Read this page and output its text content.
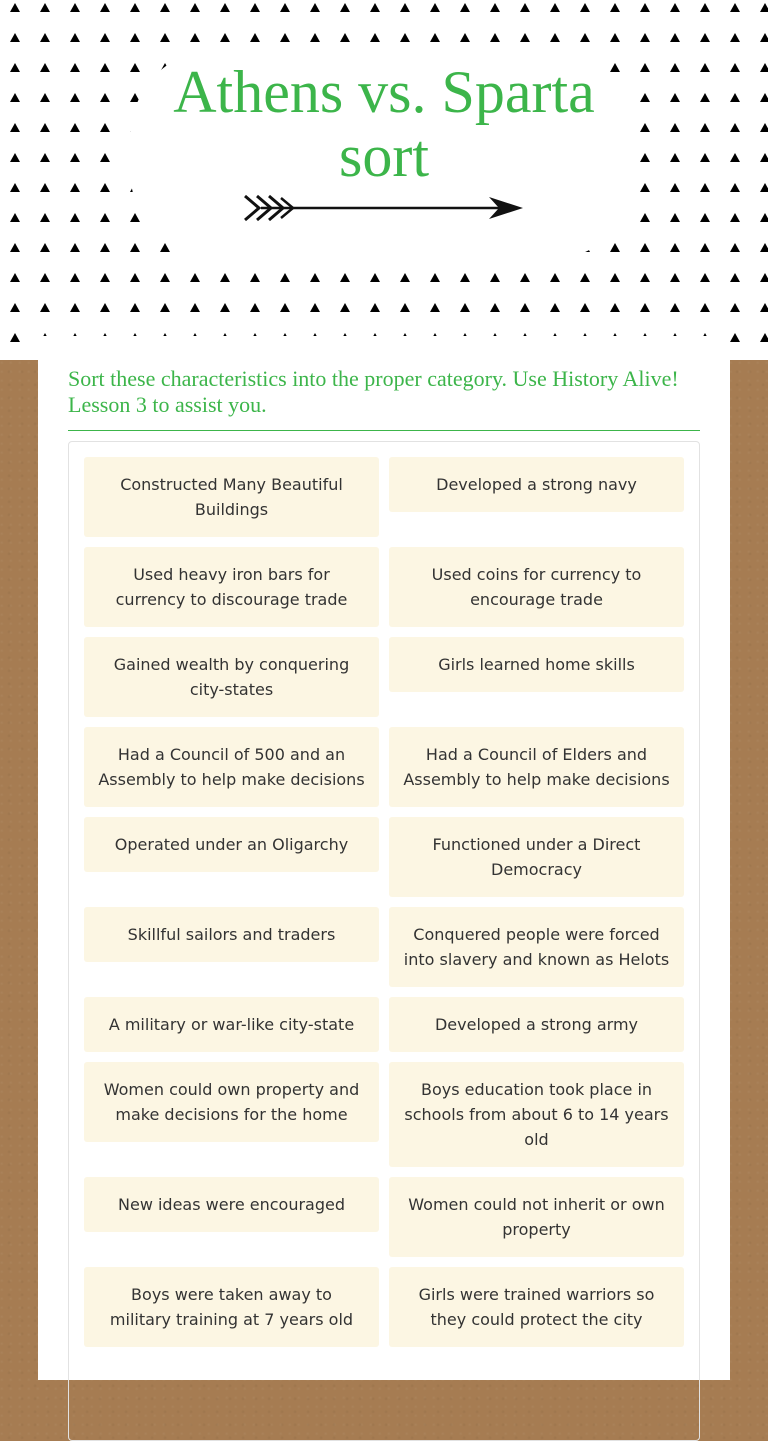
Athens vs. Sparta sort
Sort these characteristics into the proper category. Use History Alive! Lesson 3 to assist you.
Constructed Many Beautiful Buildings
Developed a strong navy
Used heavy iron bars for currency to discourage trade
Used coins for currency to encourage trade
Gained wealth by conquering city-states
Girls learned home skills
Had a Council of 500 and an Assembly to help make decisions
Had a Council of Elders and Assembly to help make decisions
Operated under an Oligarchy	Functioned under a Direct Democracy
Skillful sailors and traders	Conquered people were forced into slavery and known as Helots
A military or war-like city-state	Developed a strong army
Women could own property and make decisions for the home
Boys education took place in schools from about 6 to 14 years old
New ideas were encouraged	Women could not inherit or own property
Boys were taken away to military training at 7 years old
Girls were trained warriors so they could protect the city
